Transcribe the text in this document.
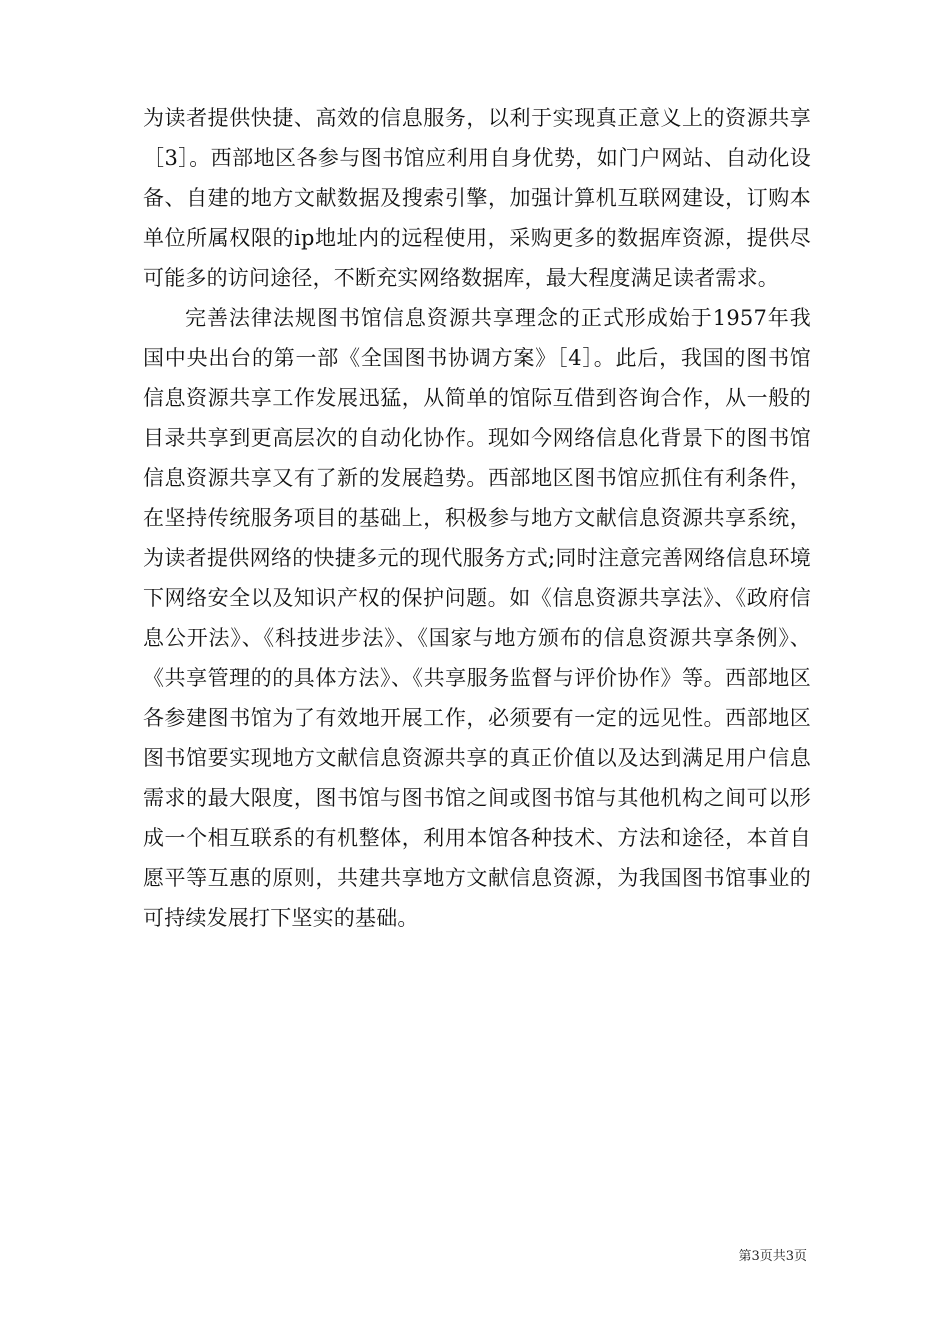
为读者提供快捷、高效的信息服务，以利于实现真正意义上的资源共享［3］。西部地区各参与图书馆应利用自身优势，如门户网站、自动化设备、自建的地方文献数据及搜索引擎，加强计算机互联网建设，订购本单位所属权限的ip地址内的远程使用，采购更多的数据库资源，提供尽可能多的访问途径，不断充实网络数据库，最大程度满足读者需求。

完善法律法规图书馆信息资源共享理念的正式形成始于1957年我国中央出台的第一部《全国图书协调方案》［4］。此后，我国的图书馆信息资源共享工作发展迅猛，从简单的馆际互借到咨询合作，从一般的目录共享到更高层次的自动化协作。现如今网络信息化背景下的图书馆信息资源共享又有了新的发展趋势。西部地区图书馆应抓住有利条件，在坚持传统服务项目的基础上，积极参与地方文献信息资源共享系统，为读者提供网络的快捷多元的现代服务方式;同时注意完善网络信息环境下网络安全以及知识产权的保护问题。如《信息资源共享法》、《政府信息公开法》、《科技进步法》、《国家与地方颁布的信息资源共享条例》、《共享管理的的具体方法》、《共享服务监督与评价协作》等。西部地区各参建图书馆为了有效地开展工作，必须要有一定的远见性。西部地区图书馆要实现地方文献信息资源共享的真正价值以及达到满足用户信息需求的最大限度，图书馆与图书馆之间或图书馆与其他机构之间可以形成一个相互联系的有机整体，利用本馆各种技术、方法和途径，本首自愿平等互惠的原则，共建共享地方文献信息资源，为我国图书馆事业的可持续发展打下坚实的基础。

第3页共3页
